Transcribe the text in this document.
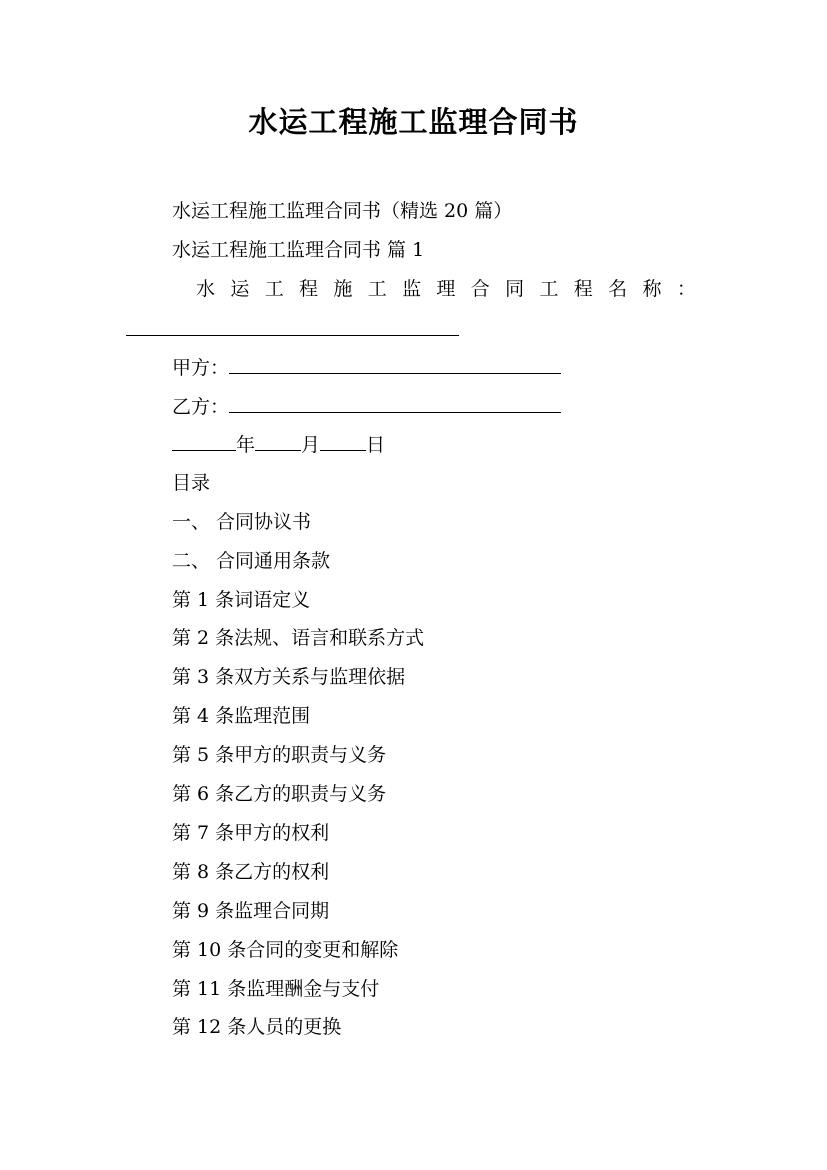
水运工程施工监理合同书
水运工程施工监理合同书（精选 20 篇）
水运工程施工监理合同书 篇 1
水 运 工 程 施 工 监 理 合 同 工 程 名 称 ：
甲方：
乙方：
年 月 日
目录
一、 合同协议书
二、 合同通用条款
第 1 条词语定义
第 2 条法规、语言和联系方式
第 3 条双方关系与监理依据
第 4 条监理范围
第 5 条甲方的职责与义务
第 6 条乙方的职责与义务
第 7 条甲方的权利
第 8 条乙方的权利
第 9 条监理合同期
第 10 条合同的变更和解除
第 11 条监理酬金与支付
第 12 条人员的更换
